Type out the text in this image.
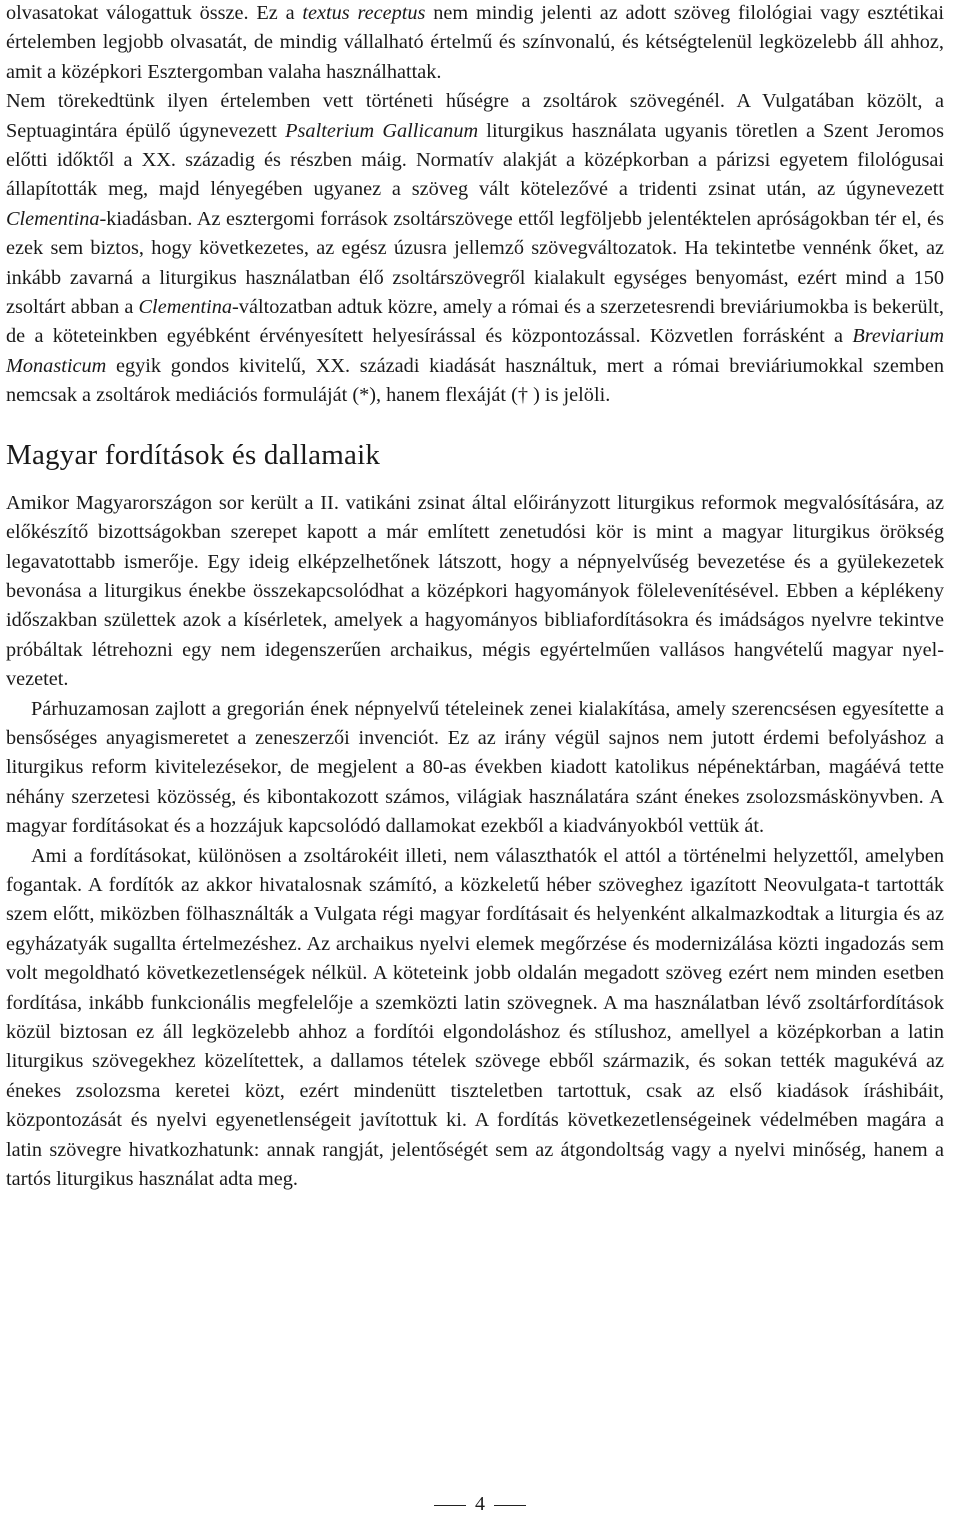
olvasatokat válogattuk össze. Ez a textus receptus nem mindig jelenti az adott szöveg filológiai vagy esztétikai értelemben legjobb olvasatát, de mindig vállalható értelmű és színvonalú, és kétségtelenül legközelebb áll ahhoz, amit a középkori Esztergomban valaha használhattak.

Nem törekedtünk ilyen értelemben vett történeti hűségre a zsoltárok szövegénél. A Vulgatában közölt, a Septuagintára épülő úgynevezett Psalterium Gallicanum liturgikus használata ugyanis töretlen a Szent Jeromos előtti időktől a XX. századig és részben máig. Normatív alakját a középkorban a párizsi egyetem filológusai állapították meg, majd lényegében ugyanez a szöveg vált kötelezővé a tridenti zsinat után, az úgynevezett Clementina-kiadásban. Az esztergomi források zsoltárszövege ettől legföljebb jelentéktelen apróságokban tér el, és ezek sem biztos, hogy következetes, az egész úzusra jellemző szövegváltozatok. Ha tekintetbe vennénk őket, az inkább zavarná a liturgikus használatban élő zsoltárszövegről kialakult egységes benyomást, ezért mind a 150 zsoltárt abban a Clementina-változatban adtuk közre, amely a római és a szerzetesrendi breviáriumokba is bekerült, de a köteteinkben egyébként érvényesített helyesírással és központozással. Közvetlen forrásként a Breviarium Monasticum egyik gondos kivitelű, XX. századi kiadását használtuk, mert a római breviáriumokkal szemben nemcsak a zsoltárok mediációs formuláját (*), hanem flexáját († ) is jelöli.

Magyar fordítások és dallamaik

Amikor Magyarországon sor került a II. vatikáni zsinat által előirányzott liturgikus reformok megvalósítására, az előkészítő bizottságokban szerepet kapott a már említett zenetudósi kör is mint a magyar liturgikus örökség legavatottabb ismerője. Egy ideig elképzelhetőnek látszott, hogy a népnyelvűség bevezetése és a gyülekezetek bevonása a liturgikus énekbe összekapcsolódhat a középkori hagyományok fölelevenítésével. Ebben a képlékeny időszakban születtek azok a kísérletek, amelyek a hagyományos bibliafordításokra és imádságos nyelvre tekintve próbáltak létrehozni egy nem idegenszerűen archaikus, mégis egyértelműen vallásos hangvételű magyar nyelvezetet.

Párhuzamosan zajlott a gregorián ének népnyelvű tételeinek zenei kialakítása, amely szerencsésen egyesítette a bensőséges anyagismeretet a zeneszerzői invenciót. Ez az irány végül sajnos nem jutott érdemi befolyáshoz a liturgikus reform kivitelezésekor, de megjelent a 80-as években kiadott katolikus népénektárban, magáévá tette néhány szerzetesi közösség, és kibontakozott számos, világiak használatára szánt énekes zsolozsmáskönyvben. A magyar fordításokat és a hozzájuk kapcsolódó dallamokat ezekből a kiadványokból vettük át.

Ami a fordításokat, különösen a zsoltárokéit illeti, nem választhatók el attól a történelmi helyzettől, amelyben fogantak. A fordítók az akkor hivatalosnak számító, a közkeletű héber szöveghez igazított Neovulgata-t tartották szem előtt, miközben fölhasználták a Vulgata régi magyar fordításait és helyenként alkalmazkodtak a liturgia és az egyházatyák sugallta értelmezéshez. Az archaikus nyelvi elemek megőrzése és modernizálása közti ingadozás sem volt megoldható következetlenségek nélkül. A köteteink jobb oldalán megadott szöveg ezért nem minden esetben fordítása, inkább funkcionális megfelelője a szemközti latin szövegnek. A ma használatban lévő zsoltárfordítások közül biztosan ez áll legközelebb ahhoz a fordítói elgondoláshoz és stílushoz, amellyel a középkorban a latin liturgikus szövegekhez közelítettek, a dallamos tételek szövege ebből származik, és sokan tették magukévá az énekes zsolozsma keretei közt, ezért mindenütt tiszteletben tartottuk, csak az első kiadások íráshibáit, központozását és nyelvi egyenetlenségeit javítottuk ki. A fordítás következetlenségeinek védelmében magára a latin szövegre hivatkozhatunk: annak rangját, jelentőségét sem az átgondoltság vagy a nyelvi minőség, hanem a tartós liturgikus használat adta meg.

4
